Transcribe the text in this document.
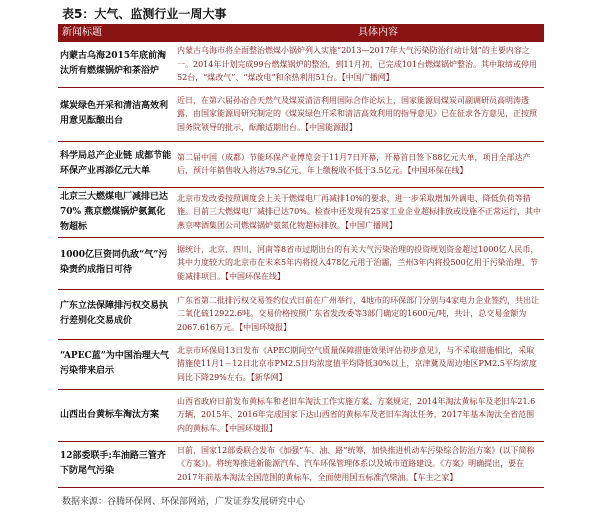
表5：大气、监测行业一周大事
新闻标题	具体内容
内蒙古乌海2015年底前淘汰所有燃煤锅炉和茶浴炉	内蒙古乌海市将全面整治燃煤小锅炉列入实施“2013—2017年大气污染防治行动计划”的主要内容之一。2014年计划完成99台燃煤锅炉的整治，到11月初，已完成101台燃煤锅炉整治。其中取缔或停用52台，“煤改气”、“煤改电”和余热利用51台。【中国广播网】
煤炭绿色开采和清洁高效利用意见酝酿出台	近日，在第六届孙冶合天然气及煤炭清洁利用国际合作论坛上，国家能源局煤炭司副调研员高明涛透露，由国家能源局研究制定的《煤炭绿色开采和清洁高效利用的指导意见》已在征求各方意见，正按照国务院领导的批示，酝酿适期出台。【中国能源报】
科学局总产企业链 成都节能环保产业再添亿元大单	第二届中国（成都）节能环保产业博览会于11月7日开幕，开幕首日签下88亿元大单，项目全部达产后，预计年销售收入将达79.5亿元，年上缴税收不低于3.5亿元。【中国环保在线】
北京三大燃煤电厂减排已达70% 燕京燃煤锅炉氨氮化物超标	北京市发改委按照调度会上关于燃煤电厂再减排10%的要求，进一步采取增加外调电、降低负荷等措施。目前三大燃煤电厂减排已达70%。检查中还发现有25家工业企业超标排放或设施不正常运行，其中燕京啤酒集团公司燃煤锅炉氨氮化物超标排放。【中国广播网】
1000亿巨资同仇敌“气”污染责约成指日可待	据统计，北京、四川、河南等8省市过期出台的有关大气污染治理的投资规划资金超过1000亿人民币，其中力度较大的北京市在未来5年内将投入478亿元用于治霾，兰州3年内将投500亿用于污染治理，节能减排项目。【中国环保在线】
广东立法保障排污权交易执行差别化交易成价	广东省第二批排污权交易签约仪式日前在广州举行，4地市的环保部门分别与4家电力企业签约，共出让二氧化硫12922.6吨。交易价格按照广东省发改委等3部门确定的1600元/吨，共计，总交易金额为2067.616万元。【中国环境报】
“APEC蓝”为中国治理大气污染带来启示	北京市环保局13日发布《APEC期间空气质量保障措施效果评估初步意见》，与不采取措施相比，采取措施使11月1－12日北京市PM2.5日均浓度值平均降低30%以上，京津冀及周边地区PM2.5平均浓度同比下降29%左右。【新华网】
山西出台黄标车淘汰方案	山西省政府日前发布黄标车和老旧车淘汰工作实施方案、方案规定，2014年淘汰黄标车及老旧车21.6万辆，2015年、2016年完成国家下达山西省的黄标车及老旧车淘汰任务，2017年基本淘汰全省范围内的黄标车。【中国环境报】
12部委联手:车油路三管齐下防尾气污染	日前，国家12部委联合发布《加强“车、油、路”统筹，加快推进机动车污染综合防治方案》(以下简称《方案》)。将统筹推进新能源汽车、汽车环保管理体系以及城市道路建设。《方案》明确提出，要在2017年前基本淘汰全国范围的黄标车，全面使用国五标准汽柴油。【车主之家】
数据来源：谷腾环保网、环保部网站，广发证券发展研究中心
